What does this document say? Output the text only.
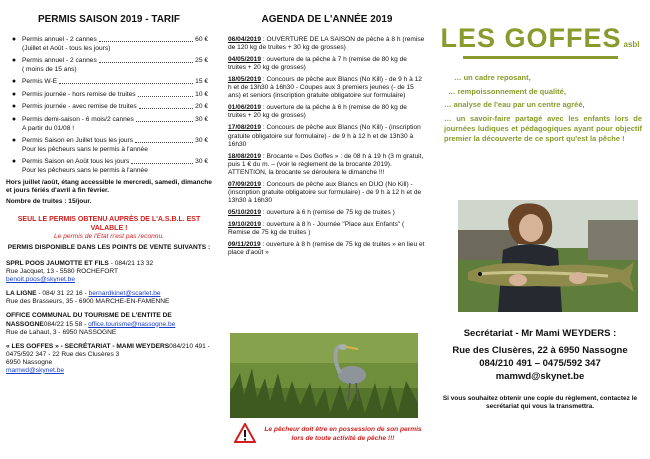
PERMIS SAISON 2019 - TARIF
● Permis annuel - 2 cannes	60 €
(Juillet et Août - tous les jours)
● Permis annuel - 2 cannes	25 €
( moins de 15 ans)
● Permis W-E	15 €
● Permis journée - hors remise de truites	10 €
● Permis journée - avec remise de truites	20 €
● Permis demi-saison - 6 mois/2 cannes	30 €
A partir du 01/08 !
● Permis Saison en Juillet tous les jours	30 €
Pour les pêcheurs sans le permis à l'année
● Permis Saison en Août tous les jours	30 €
Pour les pêcheurs sans le permis à l'année

Hors juillet /août, étang accessible le mercredi, samedi, dimanche et jours fériés d'avril à fin février.

Nombre de truites : 15/jour.

SEUL LE PERMIS OBTENU AUPRÈS DE L'A.S.B.L. EST VALABLE !

Le permis de l'Etat n'est pas reconnu.

PERMIS DISPONIBLE DANS LES POINTS DE VENTE SUIVANTS :

SPRL POOS JAUMOTTE ET FILS - 084/21 13 32
Rue Jacquet, 13 - 5580 ROCHEFORT
benoit.poos@skynet.be
LA LIGNE - 084/ 31 22 16 - bernardkinet@scarlet.be
Rue des Brasseurs, 35 - 6900 MARCHE-EN-FAMENNE
OFFICE COMMUNAL DU TOURISME DE L'ENTITE DE NASSOGNE084/22 15 58 - office.tourisme@nassogne.be
Rue de Lahaut, 3 - 6950 NASSOGNE
« LES GOFFES » - SECRÉTARIAT - MAMI WEYDERS084/210 491 - 0475/592 347 - 22 Rue des Clusères 3
6950 Nassogne
mamwd@skynet.be
AGENDA DE L'ANNÉE 2019

06/04/2019 : OUVERTURE DE LA SAISON de pêche à 8 h (remise de 120 kg de truites + 30 kg de grosses)

04/05/2019 : ouverture de la pêche à 7 h (remise de 80 kg de truites + 20 kg de grosses)

18/05/2019 : Concours de pêche aux Blancs (No Kill) - de 9 h à 12 h et de 13h30 à 16h30 - Coupes aux 3 premiers jeunes (- de 15 ans) et seniors (inscription gratuite obligatoire sur formulaire)

01/06/2019 : ouverture de la pêche à 6 h (remise de 80 kg de truites + 20 kg de grosses)

17/08/2019 : Concours de pêche aux Blancs (No Kill) - (inscription gratuite obligatoire sur formulaire) - de 9 h à 12 h et de 13h30 à 16h30

18/08/2019 : Brocante « Des Goffes » : de 08 h à 19 h (3 m gratuit, puis 1 € du m. – (voir le règlement de la brocante 2019). ATTENTION, la brocante se déroulera le dimanche !!!

07/09/2019 : Concours de pêche aux Blancs en DUO (No Kill) - (inscription gratuite obligatoire sur formulaire) - de 9 h à 12 h et de 13h30 à 16h30

05/10/2019 : ouverture à 6 h (remise de 75 kg de truites )

19/10/2019 : ouverture à 8 h - Journée "Place aux Enfants" ( Remise de 75 kg de truites )

09/11/2019 : ouverture à 8 h (remise de 75 kg de truites » en lieu et place d'août »

Le pêcheur doit être en possession de son permis lors de toute activité de pêche !!!
LES GOFFES asbl

… un cadre reposant,

… rempoissonnement de qualité,

… analyse de l'eau par un centre agréé,

… un savoir-faire partagé avec les enfants lors de journées ludiques et pédagogiques ayant pour objectif premier la découverte de ce sport qu'est la pêche !

Secrétariat - Mr Mami WEYDERS :

Rue des Clusères, 22 à 6950 Nassogne

084/210 491 – 0475/592 347

mamwd@skynet.be

Si vous souhaitez obtenir une copie du règlement, contactez le secrétariat qui vous la transmettra.
